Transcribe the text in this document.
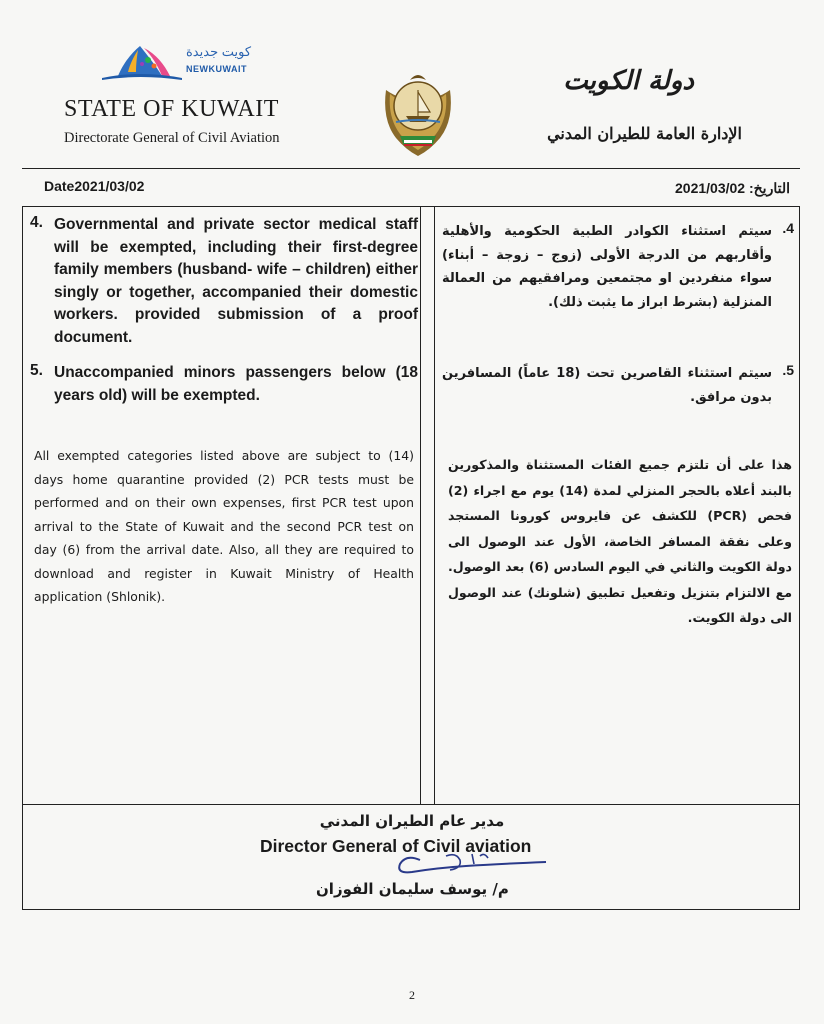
كويت جديدة
NEWKUWAIT
STATE OF KUWAIT
Directorate General of Civil Aviation
دولة الكويت
الإدارة العامة للطيران المدني
Date2021/03/02	التاريخ: 2021/03/02
4. Governmental and private sector medical staff will be exempted, including their first-degree family members (husband- wife – children) either singly or together, accompanied their domestic workers. provided submission of a proof document.
5. Unaccompanied minors passengers below (18 years old) will be exempted.
All exempted categories listed above are subject to (14) days home quarantine provided (2) PCR tests must be performed and on their own expenses, first PCR test upon arrival to the State of Kuwait and the second PCR test on day (6) from the arrival date. Also, all they are required to download and register in Kuwait Ministry of Health application (Shlonik).
.4
سيتم استثناء الكوادر الطبية الحكومية والأهلية وأقاربهم من الدرجة الأولى (زوج – زوجة – أبناء) سواء منفردين او مجتمعين ومرافقيهم من العمالة المنزلية (بشرط ابراز ما يثبت ذلك).
.5
سيتم استثناء القاصرين تحت (18 عاماً) المسافرين بدون مرافق.
هذا على أن تلتزم جميع الفئات المستثناة والمذكورين بالبند أعلاه بالحجر المنزلي لمدة (14) يوم مع اجراء (2) فحص (PCR) للكشف عن فايروس كورونا المستجد وعلى نفقة المسافر الخاصة، الأول عند الوصول الى دولة الكويت والثاني في اليوم السادس (6) بعد الوصول. مع الالتزام بتنزيل وتفعيل تطبيق (شلونك) عند الوصول الى دولة الكويت.
مدير عام الطيران المدني
Director General of Civil aviation
م/ يوسف سليمان الفوزان
2
